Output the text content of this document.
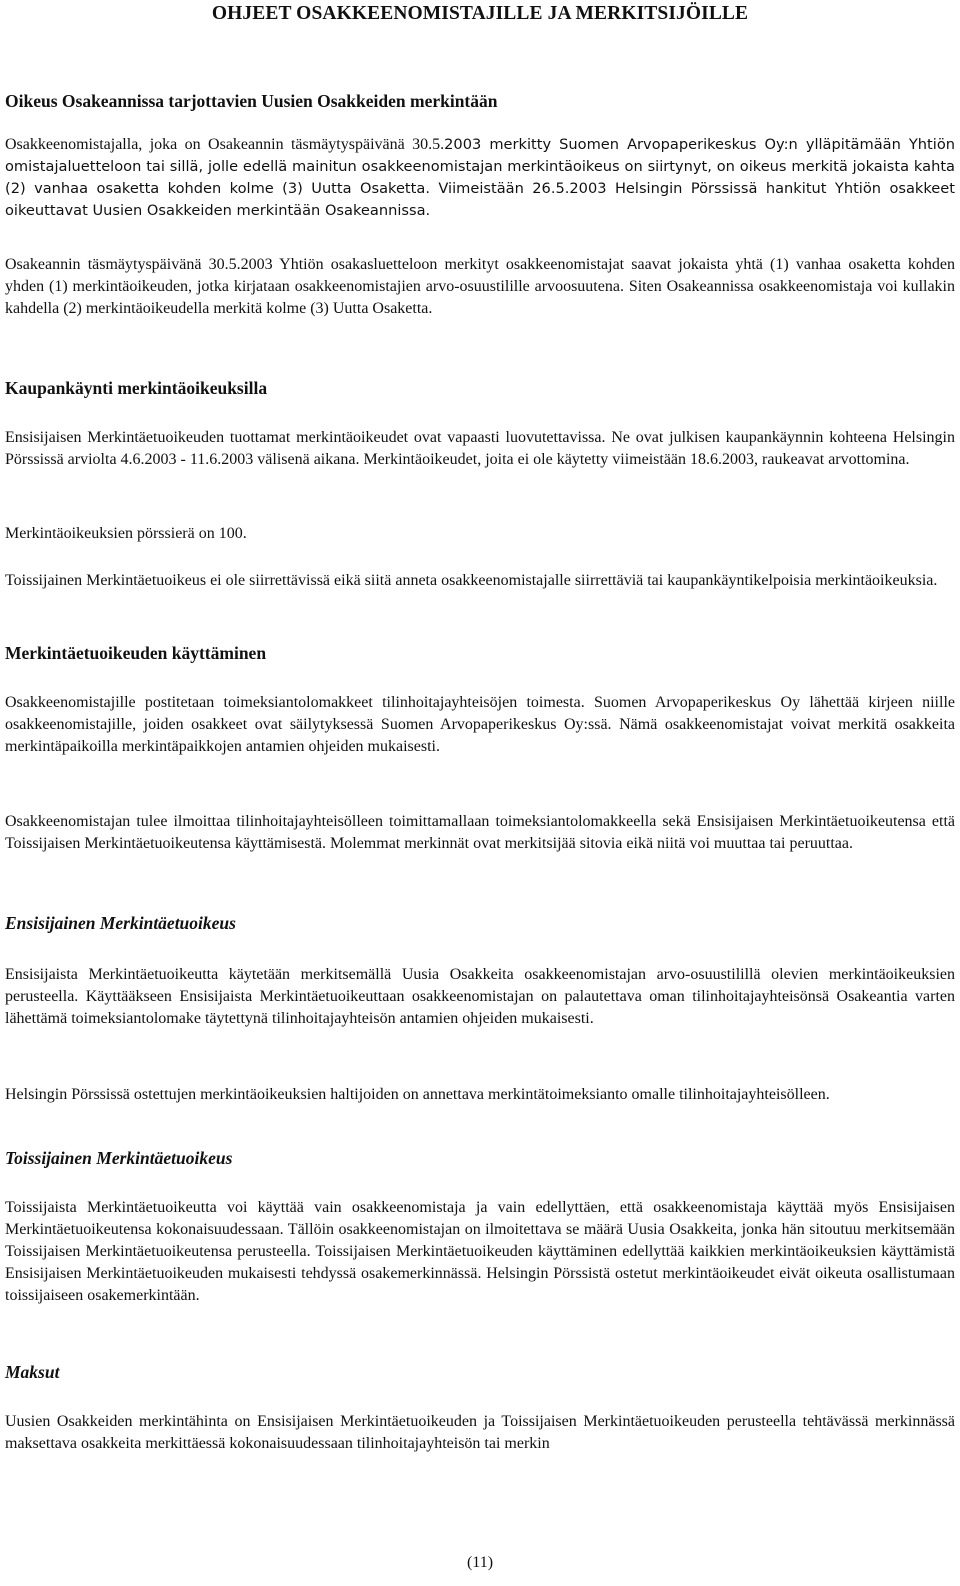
OHJEET OSAKKEENOMISTAJILLE JA MERKITSIJÖILLE
Oikeus Osakeannissa tarjottavien Uusien Osakkeiden merkintään
Osakkeenomistajalla, joka on Osakeannin täsmäytyspäivänä 30.5.2003 merkitty Suomen Arvopaperikeskus Oy:n ylläpitämään Yhtiön omistajaluetteloon tai sillä, jolle edellä mainitun osakkeenomistajan merkintäoikeus on siirtynyt, on oikeus merkitä jokaista kahta (2) vanhaa osaketta kohden kolme (3) Uutta Osaketta. Viimeistään 26.5.2003 Helsingin Pörssissä hankitut Yhtiön osakkeet oikeuttavat Uusien Osakkeiden merkintään Osakeannissa.
Osakeannin täsmäytyspäivänä 30.5.2003 Yhtiön osakasluetteloon merkityt osakkeenomistajat saavat jokaista yhtä (1) vanhaa osaketta kohden yhden (1) merkintäoikeuden, jotka kirjataan osakkeenomistajien arvo-osuustilille arvoosuutena. Siten Osakeannissa osakkeenomistaja voi kullakin kahdella (2) merkintäoikeudella merkitä kolme (3) Uutta Osaketta.
Kaupankäynti merkintäoikeuksilla
Ensisijaisen Merkintäetuoikeuden tuottamat merkintäoikeudet ovat vapaasti luovutettavissa. Ne ovat julkisen kaupankäynnin kohteena Helsingin Pörssissä arviolta 4.6.2003 - 11.6.2003 välisenä aikana. Merkintäoikeudet, joita ei ole käytetty viimeistään 18.6.2003, raukeavat arvottomina.
Merkintäoikeuksien pörssierä on 100.
Toissijainen Merkintäetuoikeus ei ole siirrettävissä eikä siitä anneta osakkeenomistajalle siirrettäviä tai kaupankäyntikelpoisia merkintäoikeuksia.
Merkintäetuoikeuden käyttäminen
Osakkeenomistajille postitetaan toimeksiantolomakkeet tilinhoitajayhteisöjen toimesta. Suomen Arvopaperikeskus Oy lähettää kirjeen niille osakkeenomistajille, joiden osakkeet ovat säilytyksessä Suomen Arvopaperikeskus Oy:ssä. Nämä osakkeenomistajat voivat merkitä osakkeita merkintäpaikoilla merkintäpaikkojen antamien ohjeiden mukaisesti.
Osakkeenomistajan tulee ilmoittaa tilinhoitajayhteisölleen toimittamallaan toimeksiantolomakkeella sekä Ensisijaisen Merkintäetuoikeutensa että Toissijaisen Merkintäetuoikeutensa käyttämisestä. Molemmat merkinnät ovat merkitsijää sitovia eikä niitä voi muuttaa tai peruuttaa.
Ensisijainen Merkintäetuoikeus
Ensisijaista Merkintäetuoikeutta käytetään merkitsemällä Uusia Osakkeita osakkeenomistajan arvo-osuustilillä olevien merkintäoikeuksien perusteella. Käyttääkseen Ensisijaista Merkintäetuoikeuttaan osakkeenomistajan on palautettava oman tilinhoitajayhteisönsä Osakeantia varten lähettämä toimeksiantolomake täytettynä tilinhoitajayhteisön antamien ohjeiden mukaisesti.
Helsingin Pörssissä ostettujen merkintäoikeuksien haltijoiden on annettava merkintätoimeksianto omalle tilinhoitajayhteisölleen.
Toissijainen Merkintäetuoikeus
Toissijaista Merkintäetuoikeutta voi käyttää vain osakkeenomistaja ja vain edellyttäen, että osakkeenomistaja käyttää myös Ensisijaisen Merkintäetuoikeutensa kokonaisuudessaan. Tällöin osakkeenomistajan on ilmoitettava se määrä Uusia Osakkeita, jonka hän sitoutuu merkitsemään Toissijaisen Merkintäetuoikeutensa perusteella. Toissijaisen Merkintäetuoikeuden käyttäminen edellyttää kaikkien merkintäoikeuksien käyttämistä Ensisijaisen Merkintäetuoikeuden mukaisesti tehdyssä osakemerkinnässä. Helsingin Pörssistä ostetut merkintäoikeudet eivät oikeuta osallistumaan toissijaiseen osakemerkintään.
Maksut
Uusien Osakkeiden merkintähinta on Ensisijaisen Merkintäetuoikeuden ja Toissijaisen Merkintäetuoikeuden perusteella tehtävässä merkinnässä maksettava osakkeita merkittäessä kokonaisuudessaan tilinhoitajayhteisön tai merkin
(11)
